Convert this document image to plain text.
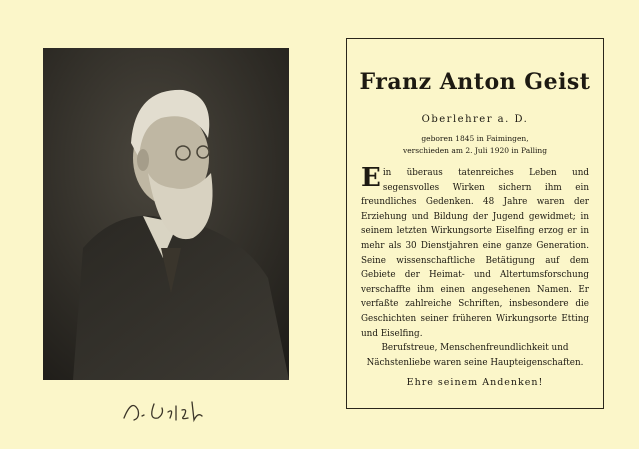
Franz Anton Geist
Oberlehrer a. D.
geboren 1845 in Faimingen,
verschieden am 2. Juli 1920 in Palling
Ein überaus tatenreiches Leben und segensvolles Wirken sichern ihm ein freundliches Gedenken. 48 Jahre waren der Erziehung und Bildung der Jugend gewidmet; in seinem letzten Wirkungsorte Eiselfing erzog er in mehr als 30 Dienstjahren eine ganze Generation. Seine wissenschaftliche Betätigung auf dem Gebiete der Heimat- und Altertumsforschung verschaffte ihm einen angesehenen Namen. Er verfaßte zahlreiche Schriften, insbesondere die Geschichten seiner früheren Wirkungsorte Etting und Eiselfing.
Berufstreue, Menschenfreundlichkeit und Nächstenliebe waren seine Haupteigenschaften.
Ehre seinem Andenken!
